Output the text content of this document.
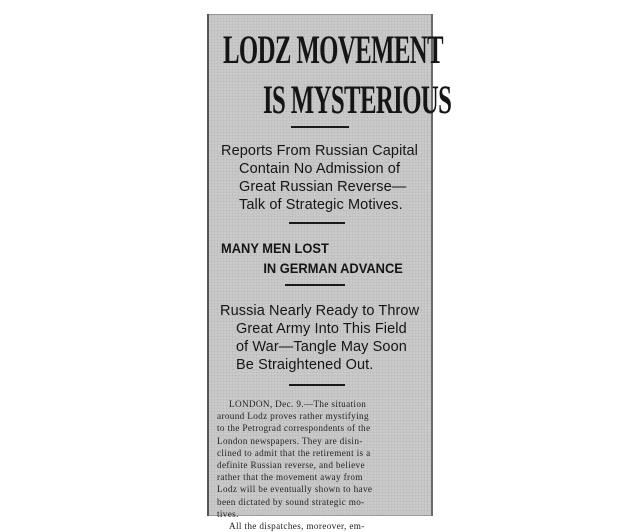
LODZ MOVEMENT
IS MYSTERIOUS
Reports From Russian Capital
Contain No Admission of
Great Russian Reverse—
Talk of Strategic Motives.
MANY MEN LOST
IN GERMAN ADVANCE
Russia Nearly Ready to Throw
Great Army Into This Field
of War—Tangle May Soon
Be Straightened Out.
LONDON, Dec. 9.—The situation
around Lodz proves rather mystifying
to the Petrograd correspondents of the
London newspapers. They are disin-
clined to admit that the retirement is a
definite Russian reverse, and believe
rather that the movement away from
Lodz will be eventually shown to have
been dictated by sound strategic mo-
tives.
All the dispatches, moreover, em-
